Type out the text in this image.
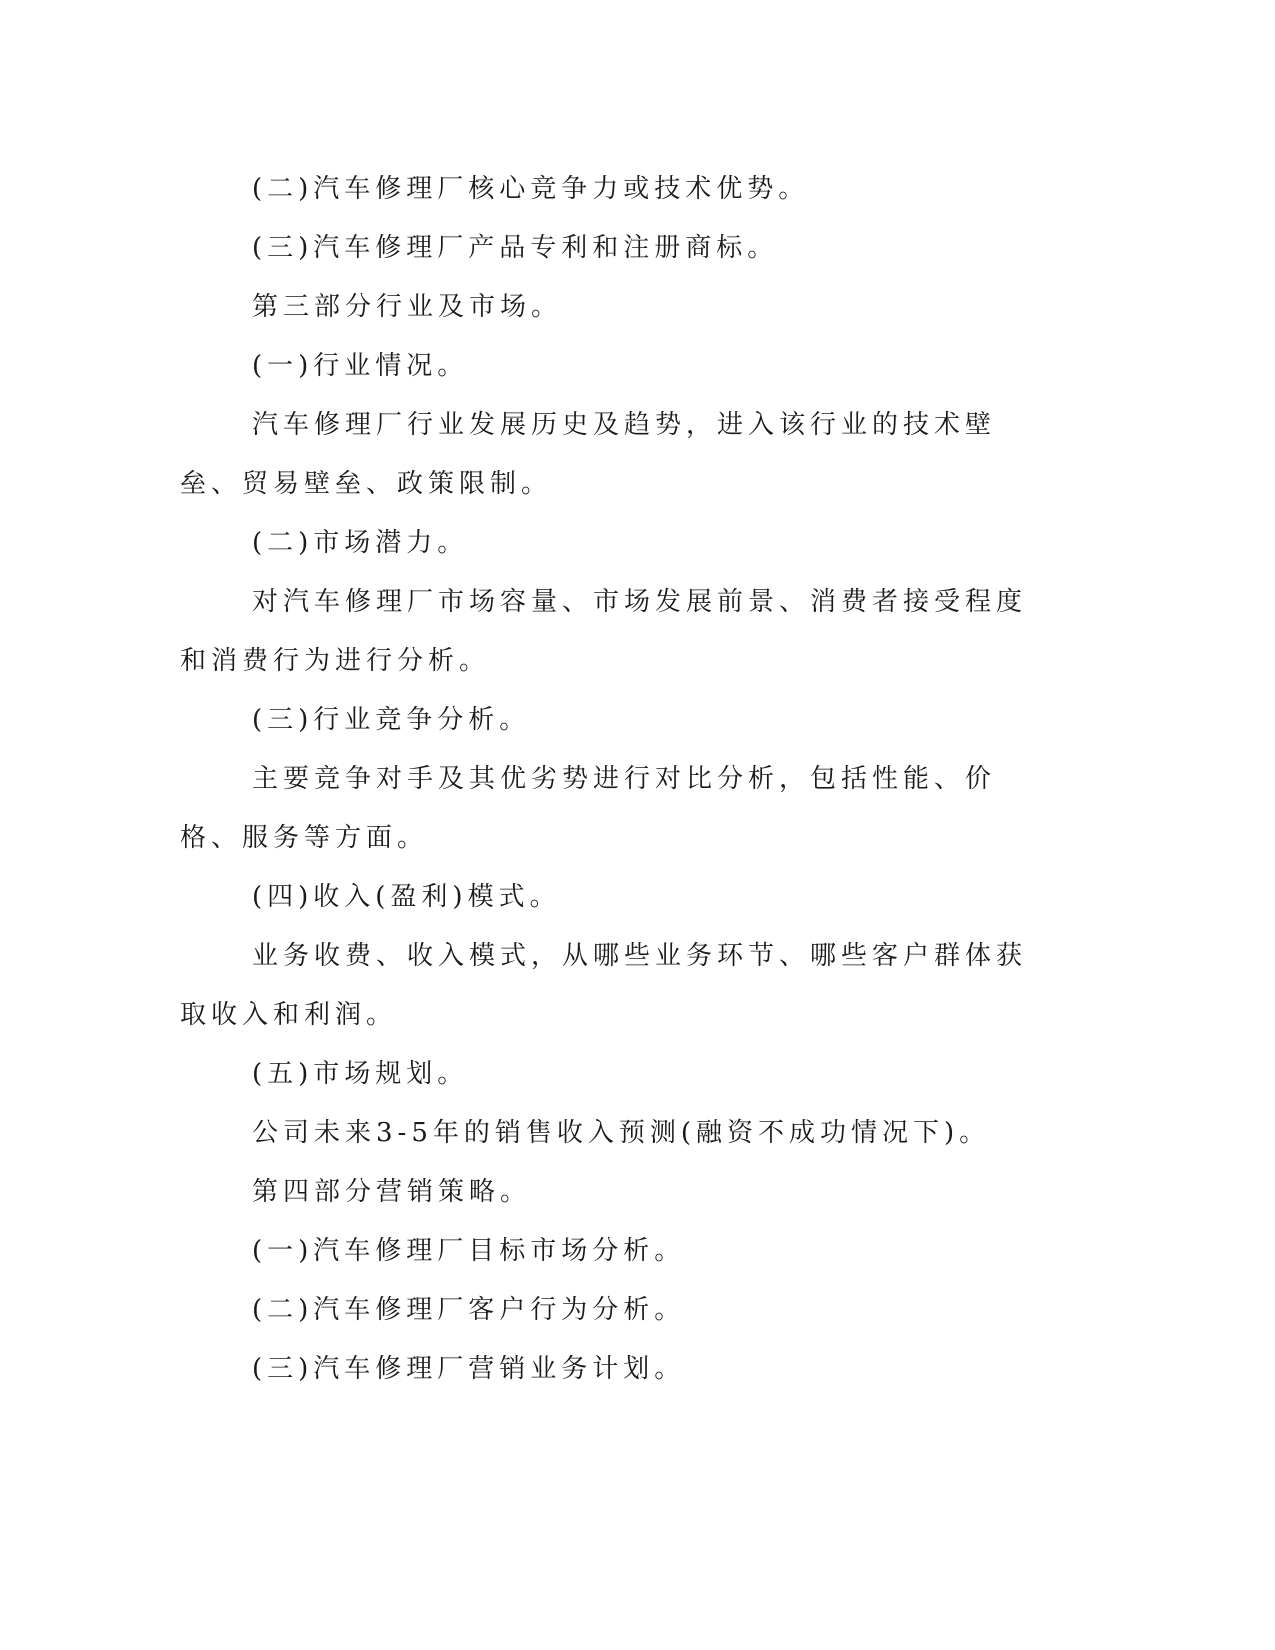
(二)汽车修理厂核心竞争力或技术优势。

(三)汽车修理厂产品专利和注册商标。

第三部分行业及市场。

(一)行业情况。

汽车修理厂行业发展历史及趋势，进入该行业的技术壁垒、贸易壁垒、政策限制。

(二)市场潜力。

对汽车修理厂市场容量、市场发展前景、消费者接受程度和消费行为进行分析。

(三)行业竞争分析。

主要竞争对手及其优劣势进行对比分析，包括性能、价格、服务等方面。

(四)收入(盈利)模式。

业务收费、收入模式，从哪些业务环节、哪些客户群体获取收入和利润。

(五)市场规划。

公司未来3-5年的销售收入预测(融资不成功情况下)。

第四部分营销策略。

(一)汽车修理厂目标市场分析。

(二)汽车修理厂客户行为分析。

(三)汽车修理厂营销业务计划。
